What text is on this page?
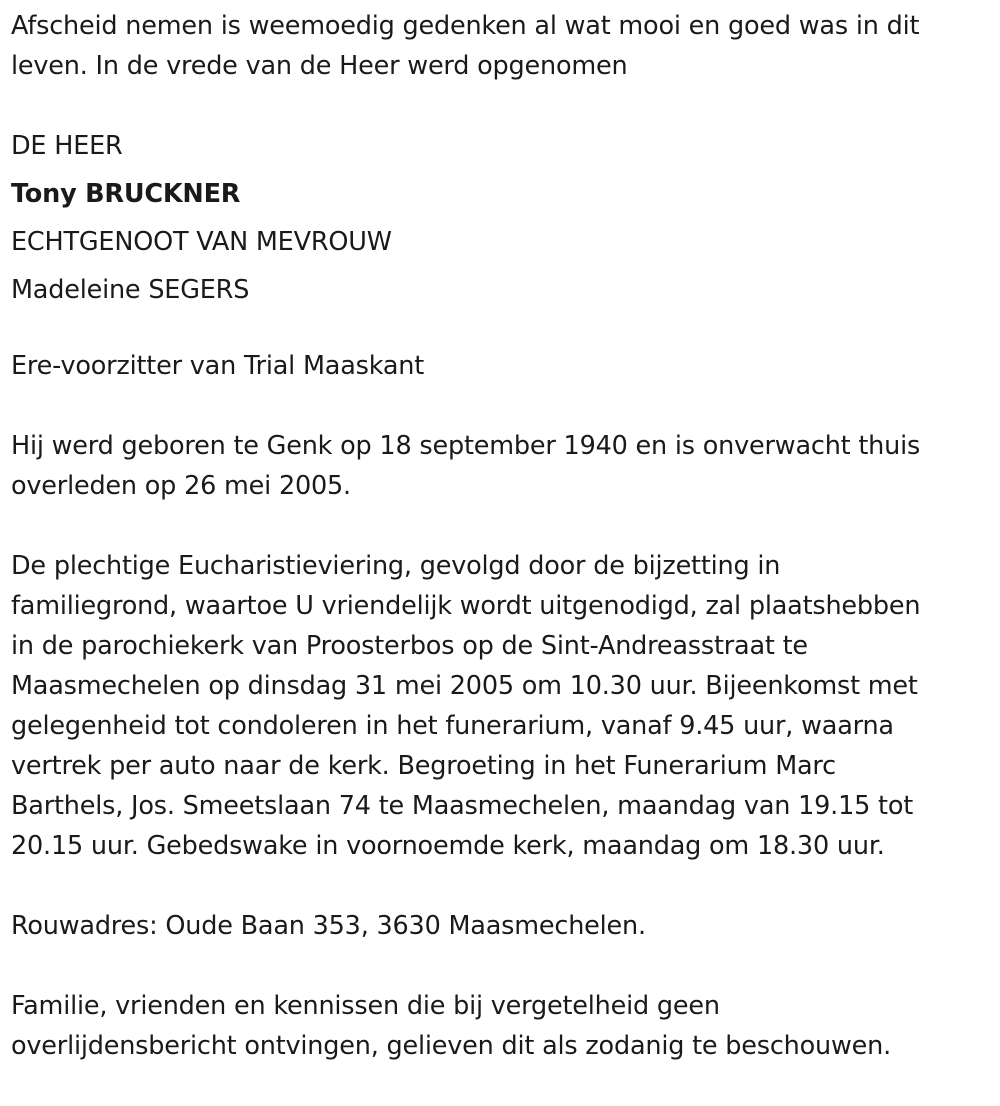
Afscheid nemen is weemoedig gedenken al wat mooi en goed was in dit
leven. In de vrede van de Heer werd opgenomen

DE HEER
Tony BRUCKNER
ECHTGENOOT VAN MEVROUW
Madeleine SEGERS

Ere-voorzitter van Trial Maaskant

Hij werd geboren te Genk op 18 september 1940 en is onverwacht thuis
overleden op 26 mei 2005.

De plechtige Eucharistieviering, gevolgd door de bijzetting in
familiegrond, waartoe U vriendelijk wordt uitgenodigd, zal plaatshebben
in de parochiekerk van Proosterbos op de Sint-Andreasstraat te
Maasmechelen op dinsdag 31 mei 2005 om 10.30 uur. Bijeenkomst met
gelegenheid tot condoleren in het funerarium, vanaf 9.45 uur, waarna
vertrek per auto naar de kerk. Begroeting in het Funerarium Marc
Barthels, Jos. Smeetslaan 74 te Maasmechelen, maandag van 19.15 tot
20.15 uur. Gebedswake in voornoemde kerk, maandag om 18.30 uur.

Rouwadres: Oude Baan 353, 3630 Maasmechelen.

Familie, vrienden en kennissen die bij vergetelheid geen
overlijdensbericht ontvingen, gelieven dit als zodanig te beschouwen.
